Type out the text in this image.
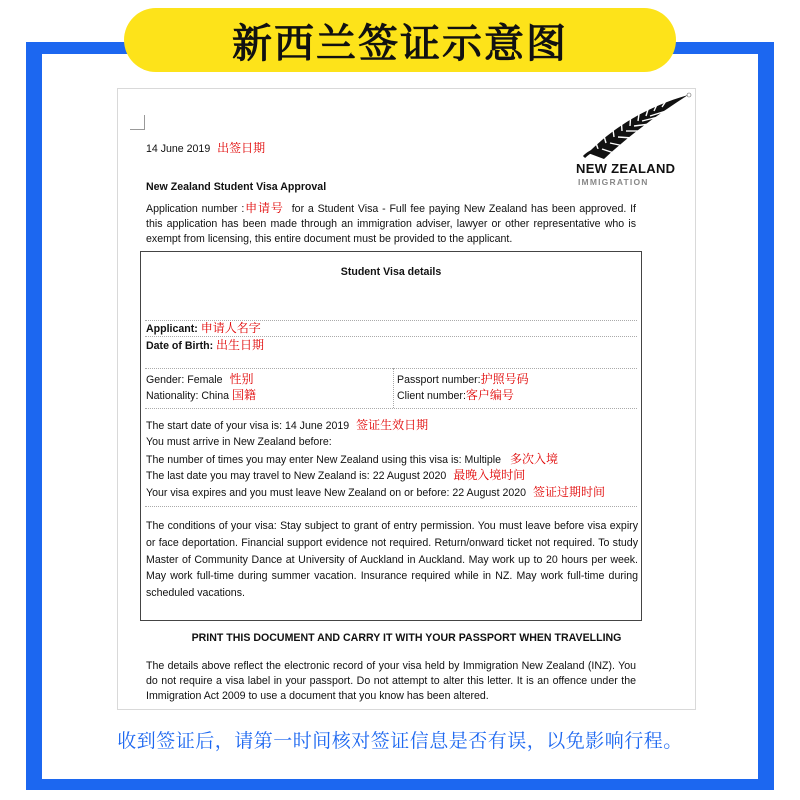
新西兰签证示意图
NEW ZEALAND
IMMIGRATION
14 June 2019 出签日期
New Zealand Student Visa Approval
Application number :申请号 for a Student Visa - Full fee paying New Zealand has been approved. If this application has been made through an immigration adviser, lawyer or other representative who is exempt from licensing, this entire document must be provided to the applicant.
Student Visa details
Applicant: 申请人名字
Date of Birth: 出生日期
Gender: Female 性别
Nationality: China 国籍
Passport number:护照号码
Client number:客户编号
The start date of your visa is: 14 June 2019 签证生效日期
You must arrive in New Zealand before:
The number of times you may enter New Zealand using this visa is: Multiple 多次入境
The last date you may travel to New Zealand is: 22 August 2020 最晚入境时间
Your visa expires and you must leave New Zealand on or before: 22 August 2020 签证过期时间
The conditions of your visa: Stay subject to grant of entry permission. You must leave before visa expiry or face deportation. Financial support evidence not required. Return/onward ticket not required. To study Master of Community Dance at University of Auckland in Auckland. May work up to 20 hours per week. May work full-time during summer vacation. Insurance required while in NZ. May work full-time during scheduled vacations.
PRINT THIS DOCUMENT AND CARRY IT WITH YOUR PASSPORT WHEN TRAVELLING
The details above reflect the electronic record of your visa held by Immigration New Zealand (INZ). You do not require a visa label in your passport. Do not attempt to alter this letter. It is an offence under the Immigration Act 2009 to use a document that you know has been altered.
收到签证后，请第一时间核对签证信息是否有误，以免影响行程。
